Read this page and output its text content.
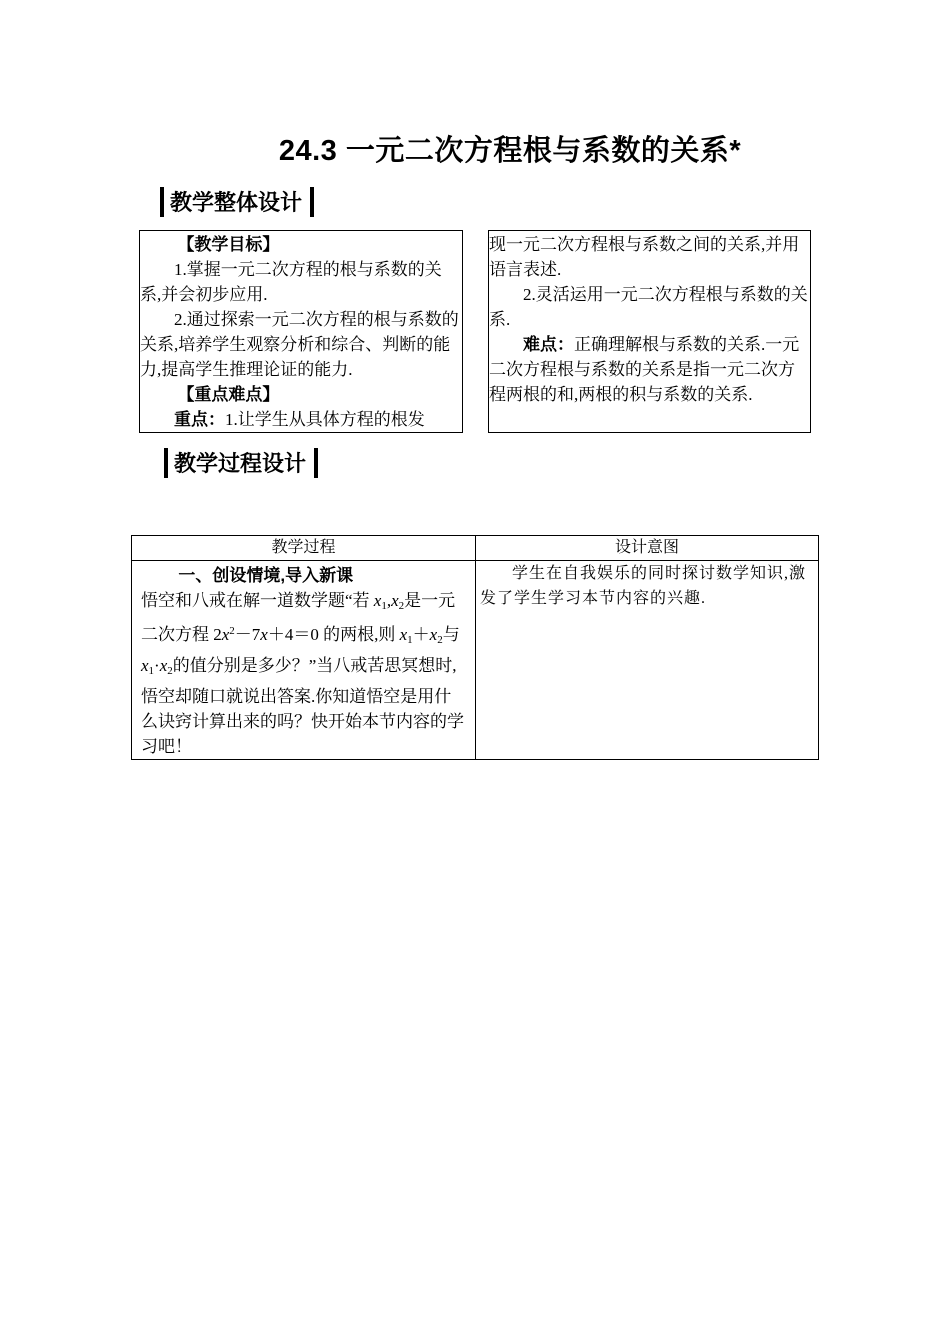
24.3 一元二次方程根与系数的关系*
教学整体设计

【教学目标】

1.掌握一元二次方程的根与系数的关系,并会初步应用.

2.通过探索一元二次方程的根与系数的关系,培养学生观察分析和综合、判断的能力,提高学生推理论证的能力.

【重点难点】

重点：1.让学生从具体方程的根发

现一元二次方程根与系数之间的关系,并用语言表述.

2.灵活运用一元二次方程根与系数的关系.

难点：正确理解根与系数的关系.一元二次方程根与系数的关系是指一元二次方程两根的和,两根的积与系数的关系.

教学过程设计
教学过程	设计意图

一、创设情境,导入新课
悟空和八戒在解一道数学题“若 $x_1,x_2$是一元二次方程 $2x^2-7x+4=0$ 的两根,则 $x_1+x_2$与 $x_1\cdot x_2$的值分别是多少？”当八戒苦思冥想时,悟空却随口就说出答案.你知道悟空是用什么诀窍计算出来的吗？快开始本节内容的学习吧！	学生在自我娱乐的同时探讨数学知识,激发了学生学习本节内容的兴趣.
